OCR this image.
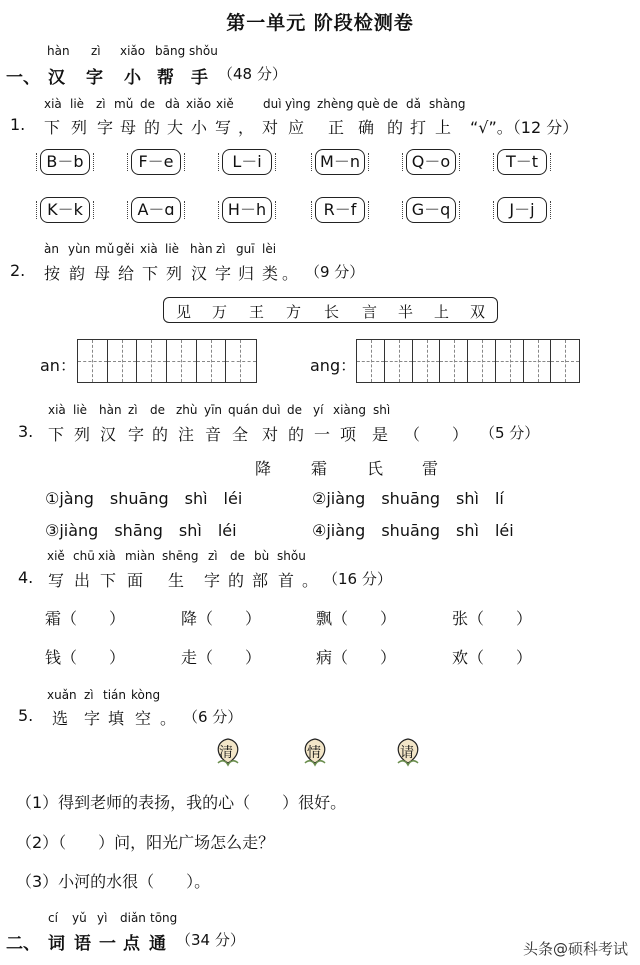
第一单元 阶段检测卷
hàn zì xiǎo bāng shǒu
一、 汉 字 小 帮 手 （48 分）
xià liè zì mǔ de dà xiǎo xiě duì yìng zhèng què de dǎ shàng
1. 下 列 字 母 的 大 小 写 ， 对 应 正 确 的 打 上 “√”。（12 分）
B－b	F－e	L－i	M－n	Q－o	T－t
K－k	A－ɑ	H－h	R－f	G－q	J－j
àn yùn mǔ gěi xià liè hàn zì guī lèi
2. 按 韵 母 给 下 列 汉 字 归 类 。 （9 分）
见 万 王 方 长 言 半 上 双
an：	ang：
xià liè hàn zì de zhù yīn quán duì de yí xiàng shì
3. 下 列 汉 字 的 注 音 全 对 的 一 项 是 （　　） （5 分）
降 霜 氏 雷
①jàng　shuāng　shì　léi	②jiàng　shuāng　shì　lí
③jiàng　shāng　shì　léi	④jiàng　shuāng　shì　léi
xiě chū xià miàn shēng zì de bù shǒu
4. 写 出 下 面 生 字 的 部 首 。 （16 分）
霜（　　）	降（　　）	飘（　　）	张（　　）
钱（　　）	走（　　）	病（　　）	欢（　　）
xuǎn zì tián kòng
5. 选 字 填 空 。 （6 分）
清	情	请
（1）得到老师的表扬，我的心（　　）很好。
（2）（　　）问，阳光广场怎么走？
（3）小河的水很（　　）。
cí yǔ yì diǎn tōng
二、 词 语 一 点 通 （34 分）	头条@硕科考试
